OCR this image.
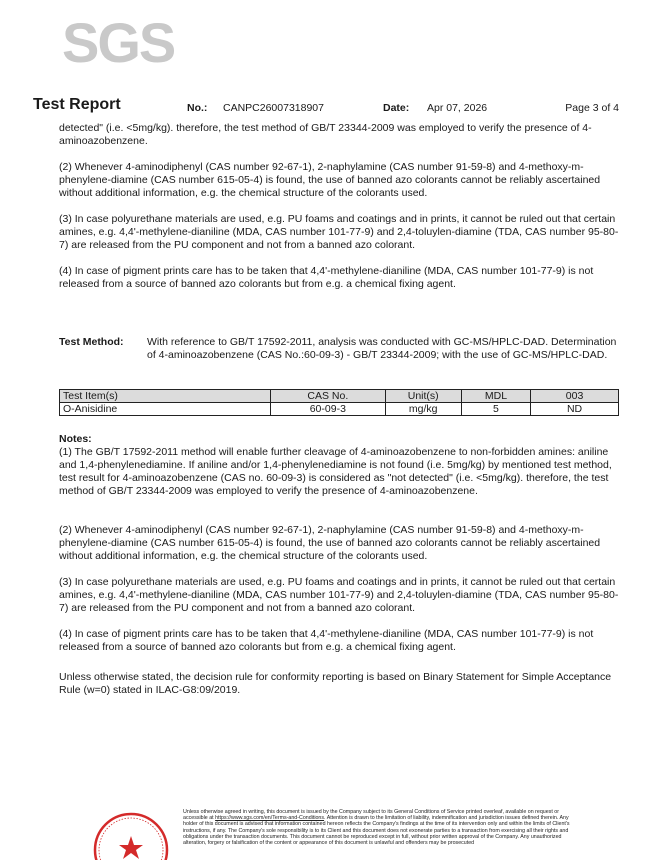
SGS
Test Report	No.: CANPC26007318907	Date: Apr 07, 2026	Page 3 of 4

detected" (i.e. <5mg/kg). therefore, the test method of GB/T 23344-2009 was employed to verify the presence of 4-aminoazobenzene.

(2) Whenever 4-aminodiphenyl (CAS number 92-67-1), 2-naphylamine (CAS number 91-59-8) and 4-methoxy-m-phenylene-diamine (CAS number 615-05-4) is found, the use of banned azo colorants cannot be reliably ascertained without additional information, e.g. the chemical structure of the colorants used.

(3) In case polyurethane materials are used, e.g. PU foams and coatings and in prints, it cannot be ruled out that certain amines, e.g. 4,4'-methylene-dianiline (MDA, CAS number 101-77-9) and 2,4-toluylen-diamine (TDA, CAS number 95-80-7) are released from the PU component and not from a banned azo colorant.

(4) In case of pigment prints care has to be taken that 4,4'-methylene-dianiline (MDA, CAS number 101-77-9) is not released from a source of banned azo colorants but from e.g. a chemical fixing agent.

Test Method: With reference to GB/T 17592-2011, analysis was conducted with GC-MS/HPLC-DAD. Determination of 4-aminoazobenzene (CAS No.:60-09-3) - GB/T 23344-2009; with the use of GC-MS/HPLC-DAD.
Test Item(s)	CAS No.	Unit(s)	MDL	003
O-Anisidine	60-09-3	mg/kg	5	ND
Notes:

(1) The GB/T 17592-2011 method will enable further cleavage of 4-aminoazobenzene to non-forbidden amines: aniline and 1,4-phenylenediamine. If aniline and/or 1,4-phenylenediamine is not found (i.e. 5mg/kg) by mentioned test method, test result for 4-aminoazobenzene (CAS no. 60-09-3) is considered as "not detected" (i.e. <5mg/kg). therefore, the test method of GB/T 23344-2009 was employed to verify the presence of 4-aminoazobenzene.

(2) Whenever 4-aminodiphenyl (CAS number 92-67-1), 2-naphylamine (CAS number 91-59-8) and 4-methoxy-m-phenylene-diamine (CAS number 615-05-4) is found, the use of banned azo colorants cannot be reliably ascertained without additional information, e.g. the chemical structure of the colorants used.

(3) In case polyurethane materials are used, e.g. PU foams and coatings and in prints, it cannot be ruled out that certain amines, e.g. 4,4'-methylene-dianiline (MDA, CAS number 101-77-9) and 2,4-toluylen-diamine (TDA, CAS number 95-80-7) are released from the PU component and not from a banned azo colorant.

(4) In case of pigment prints care has to be taken that 4,4'-methylene-dianiline (MDA, CAS number 101-77-9) is not released from a source of banned azo colorants but from e.g. a chemical fixing agent.

Unless otherwise stated, the decision rule for conformity reporting is based on Binary Statement for Simple Acceptance Rule (w=0) stated in ILAC-G8:09/2019.

Unless otherwise agreed in writing, this document is issued by the Company subject to its General Conditions of Service printed overleaf, available on request or accessible at https://www.sgs.com/en/Terms-and-Conditions. Attention is drawn to the limitation of liability, indemnification and jurisdiction issues defined therein. Any holder of this document is advised that information contained hereon reflects the Company's findings at the time of its intervention only and within the limits of Client's instructions, if any. The Company's sole responsibility is to its Client and this document does not exonerate parties to a transaction from exercising all their rights and obligations under the transaction documents. This document cannot be reproduced except in full, without prior written approval of the Company. Any unauthorized alteration, forgery or falsification of the content or appearance of this document is unlawful and offenders may be prosecuted
